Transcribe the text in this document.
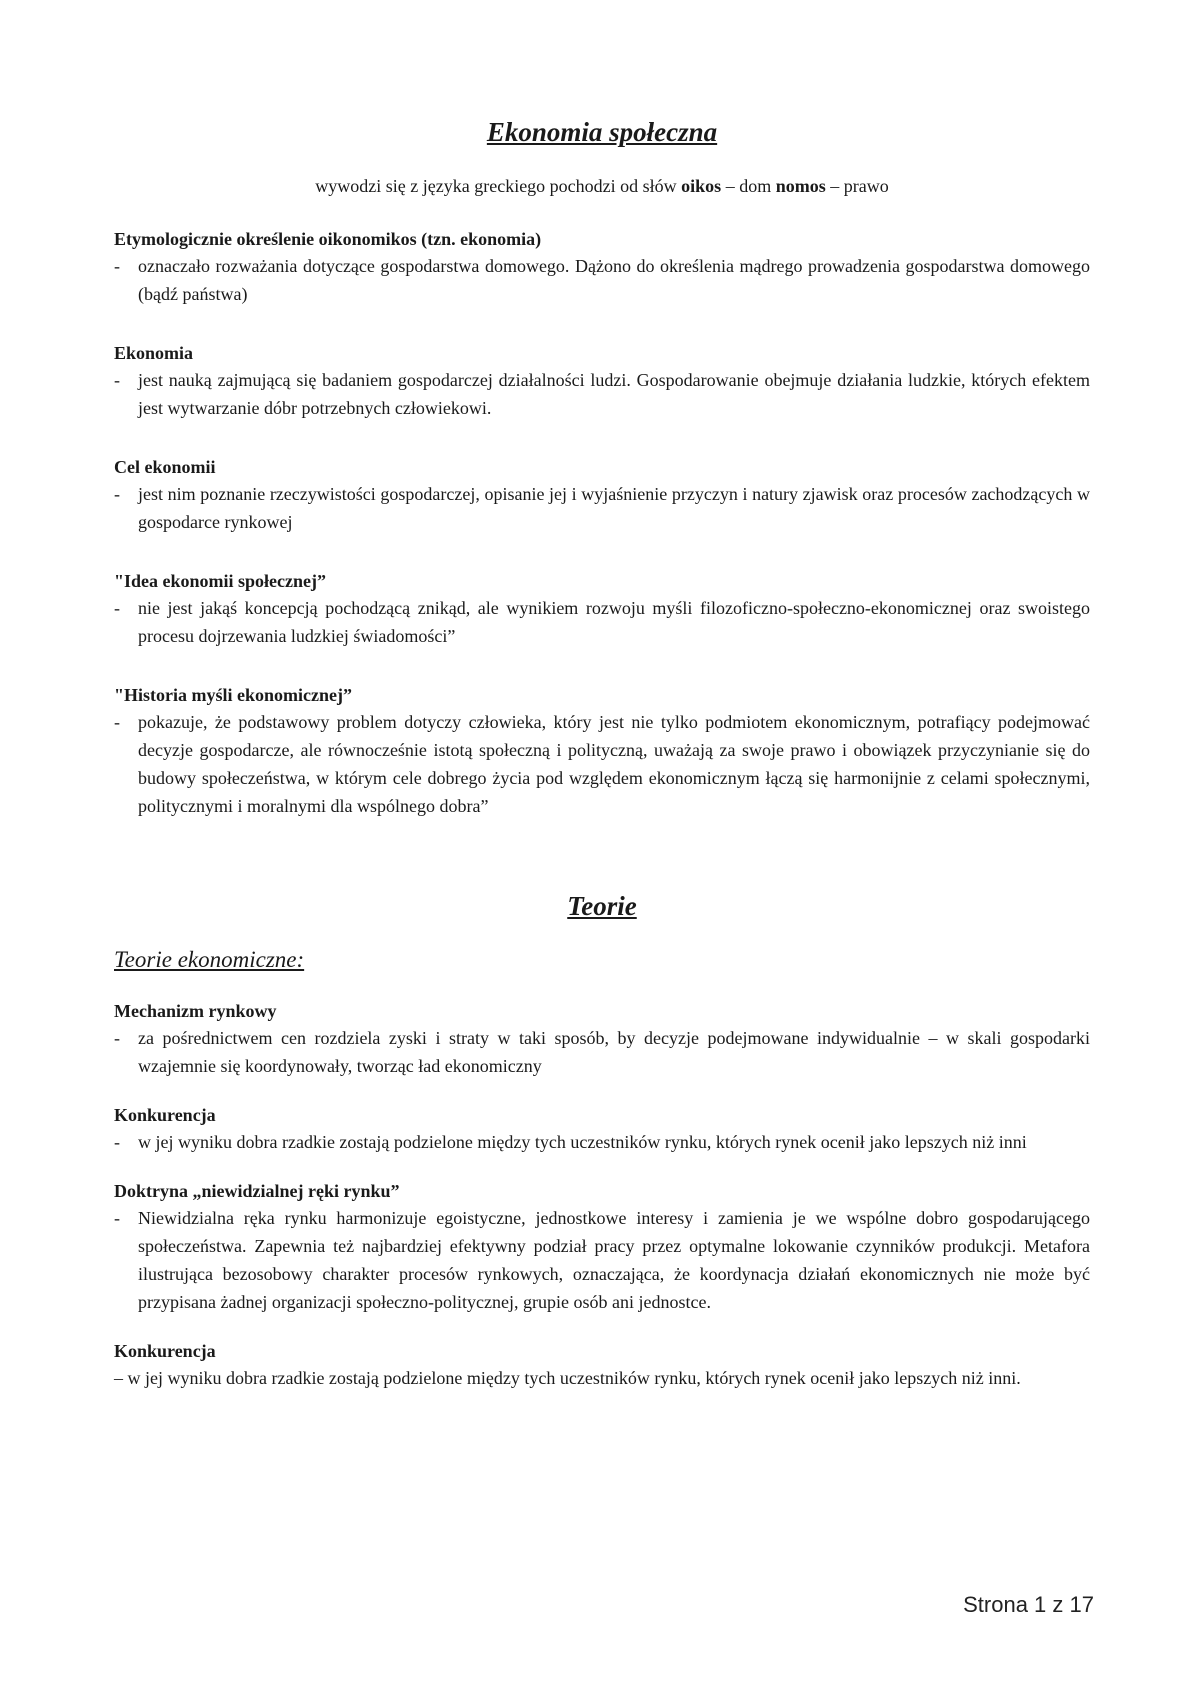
Ekonomia społeczna
wywodzi się z języka greckiego pochodzi od słów oikos – dom nomos – prawo
Etymologicznie określenie oikonomikos (tzn. ekonomia)
- oznaczało rozważania dotyczące gospodarstwa domowego. Dążono do określenia mądrego prowadzenia gospodarstwa domowego (bądź państwa)
Ekonomia
- jest nauką zajmującą się badaniem gospodarczej działalności ludzi. Gospodarowanie obejmuje działania ludzkie, których efektem jest wytwarzanie dóbr potrzebnych człowiekowi.
Cel ekonomii
- jest nim poznanie rzeczywistości gospodarczej, opisanie jej i wyjaśnienie przyczyn i natury zjawisk oraz procesów zachodzących w gospodarce rynkowej
"Idea ekonomii społecznej”
- nie jest jakąś koncepcją pochodzącą znikąd, ale wynikiem rozwoju myśli filozoficzno-społeczno-ekonomicznej oraz swoistego procesu dojrzewania ludzkiej świadomości”
"Historia myśli ekonomicznej”
- pokazuje, że podstawowy problem dotyczy człowieka, który jest nie tylko podmiotem ekonomicznym, potrafiący podejmować decyzje gospodarcze, ale równocześnie istotą społeczną i polityczną, uważają za swoje prawo i obowiązek przyczynianie się do budowy społeczeństwa, w którym cele dobrego życia pod względem ekonomicznym łączą się harmonijnie z celami społecznymi, politycznymi i moralnymi dla wspólnego dobra”
Teorie
Teorie ekonomiczne:
Mechanizm rynkowy
- za pośrednictwem cen rozdziela zyski i straty w taki sposób, by decyzje podejmowane indywidualnie – w skali gospodarki wzajemnie się koordynowały, tworząc ład ekonomiczny
Konkurencja
- w jej wyniku dobra rzadkie zostają podzielone między tych uczestników rynku, których rynek ocenił jako lepszych niż inni
Doktryna „niewidzialnej ręki rynku”
- Niewidzialna ręka rynku harmonizuje egoistyczne, jednostkowe interesy i zamienia je we wspólne dobro gospodarującego społeczeństwa. Zapewnia też najbardziej efektywny podział pracy przez optymalne lokowanie czynników produkcji. Metafora ilustrująca bezosobowy charakter procesów rynkowych, oznaczająca, że koordynacja działań ekonomicznych nie może być przypisana żadnej organizacji społeczno-politycznej, grupie osób ani jednostce.
Konkurencja
– w jej wyniku dobra rzadkie zostają podzielone między tych uczestników rynku, których rynek ocenił jako lepszych niż inni.
Strona 1 z 17
